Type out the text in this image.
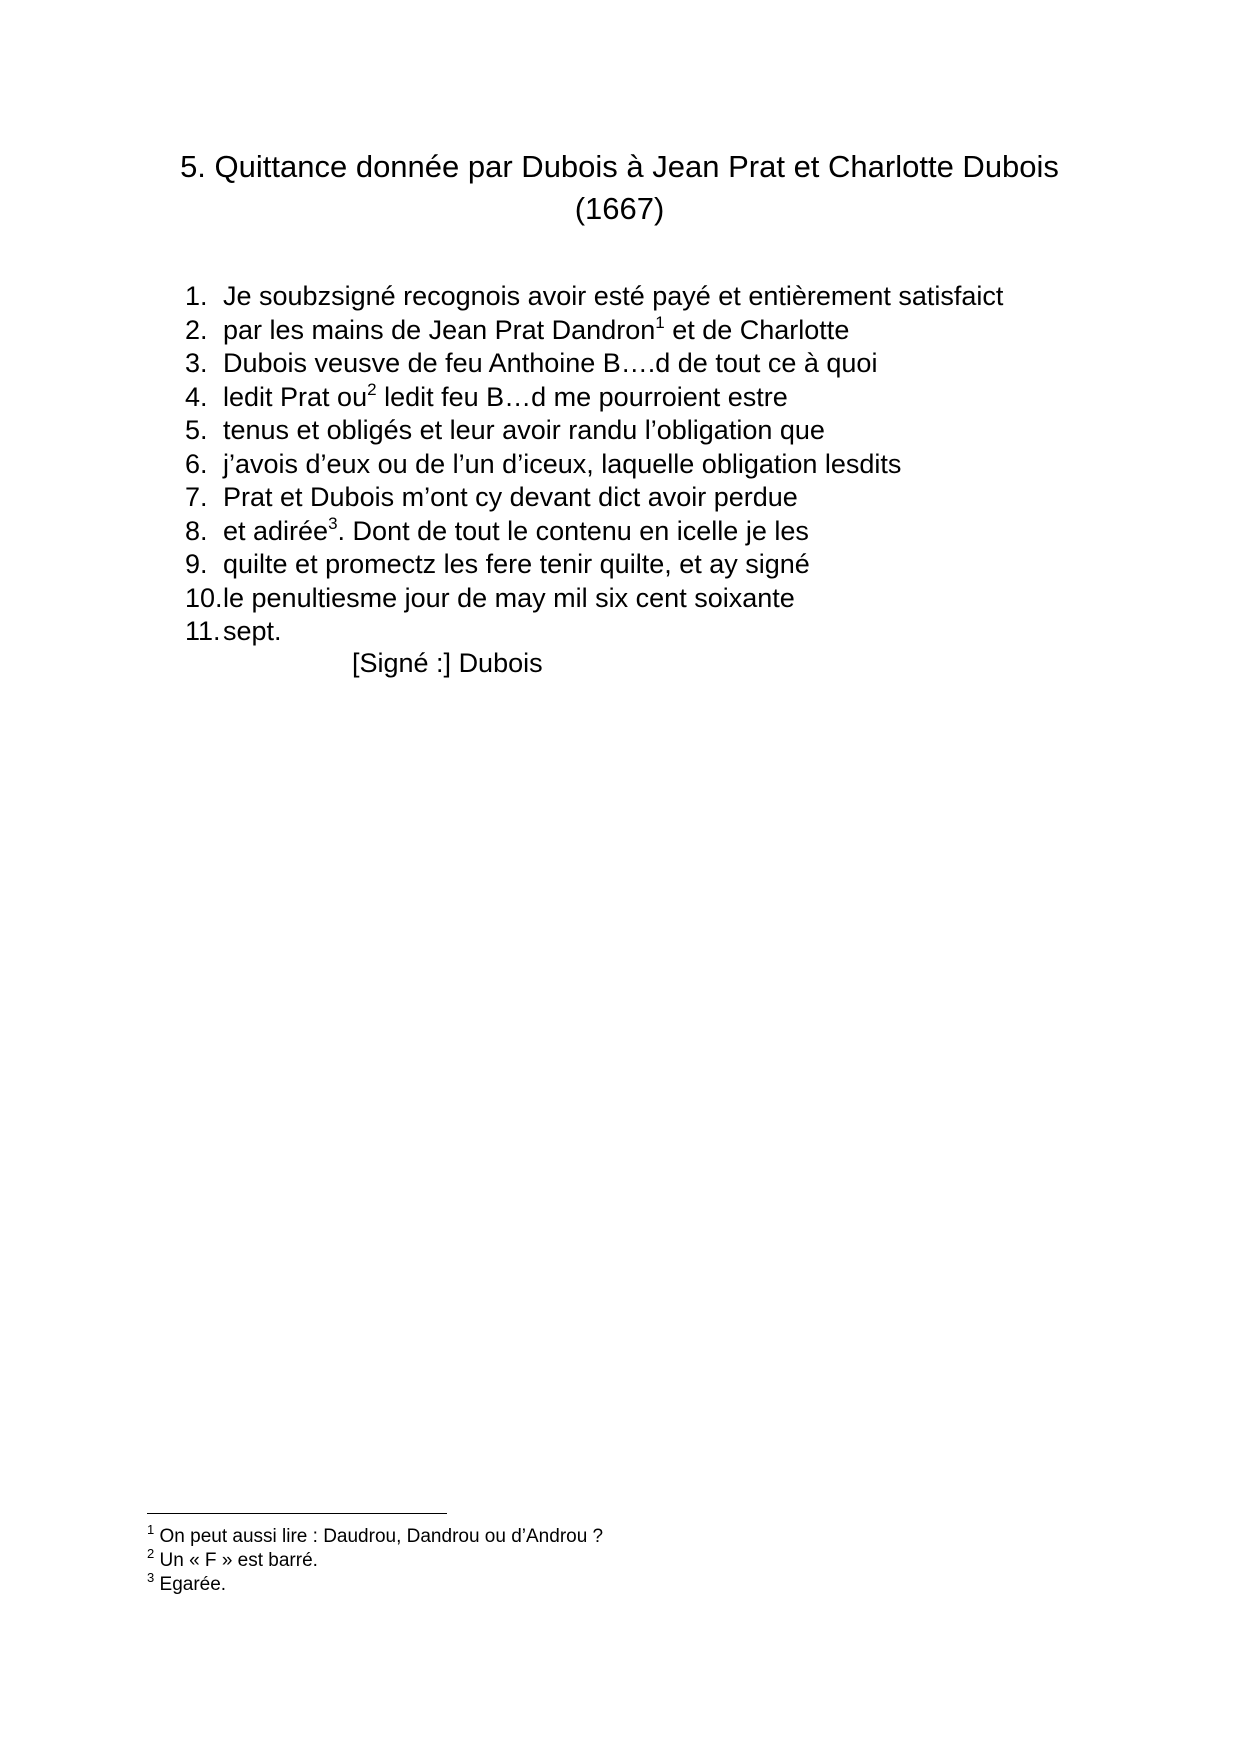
5. Quittance donnée par Dubois à Jean Prat et Charlotte Dubois
(1667)
1. Je soubzsigné recognois avoir esté payé et entièrement satisfaict
2. par les mains de Jean Prat Dandron$^1$ et de Charlotte
3. Dubois veusve de feu Anthoine B….d de tout ce à quoi
4. ledit Prat $ou^2$ ledit feu B…d me pourroient estre
5. tenus et obligés et leur avoir randu l’obligation que
6. j’avois d’eux ou de l’un d’iceux, laquelle obligation lesdits
7. Prat et Dubois m’ont cy devant dict avoir perdue
8. et adirée$^3$. Dont de tout le contenu en icelle je les
9. quilte et promectz les fere tenir quilte, et ay signé
10. le penultiesme jour de may mil six cent soixante
11. sept.
[Signé :] Dubois
$^1$ On peut aussi lire : Daudrou, Dandrou ou d’Androu ?
$^2$ Un « F » est barré.
$^3$ Egarée.
